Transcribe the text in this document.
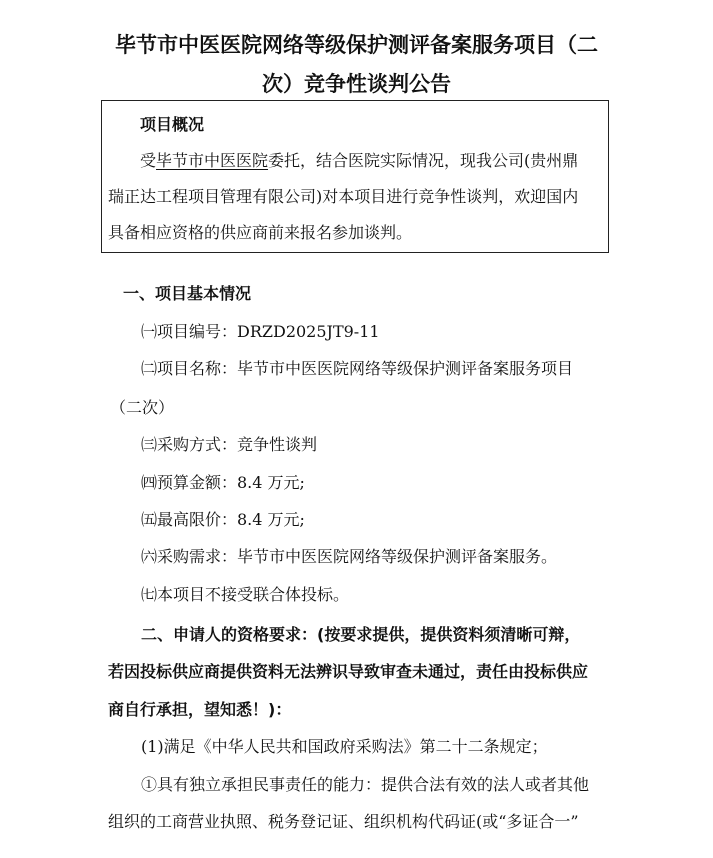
毕节市中医医院网络等级保护测评备案服务项目（二
次）竞争性谈判公告
项目概况
受毕节市中医医院委托，结合医院实际情况，现我公司(贵州鼎
瑞正达工程项目管理有限公司)对本项目进行竞争性谈判，欢迎国内
具备相应资格的供应商前来报名参加谈判。
一、项目基本情况
㈠项目编号：DRZD2025JT9-11
㈡项目名称：毕节市中医医院网络等级保护测评备案服务项目
（二次）
㈢采购方式：竞争性谈判
㈣预算金额：8.4 万元;
㈤最高限价：8.4 万元;
㈥采购需求：毕节市中医医院网络等级保护测评备案服务。
㈦本项目不接受联合体投标。
二、申请人的资格要求：(按要求提供，提供资料须清晰可辩，
若因投标供应商提供资料无法辨识导致审查未通过，责任由投标供应
商自行承担，望知悉！)：
(1)满足《中华人民共和国政府采购法》第二十二条规定；
①具有独立承担民事责任的能力：提供合法有效的法人或者其他
组织的工商营业执照、税务登记证、组织机构代码证(或“多证合一”
